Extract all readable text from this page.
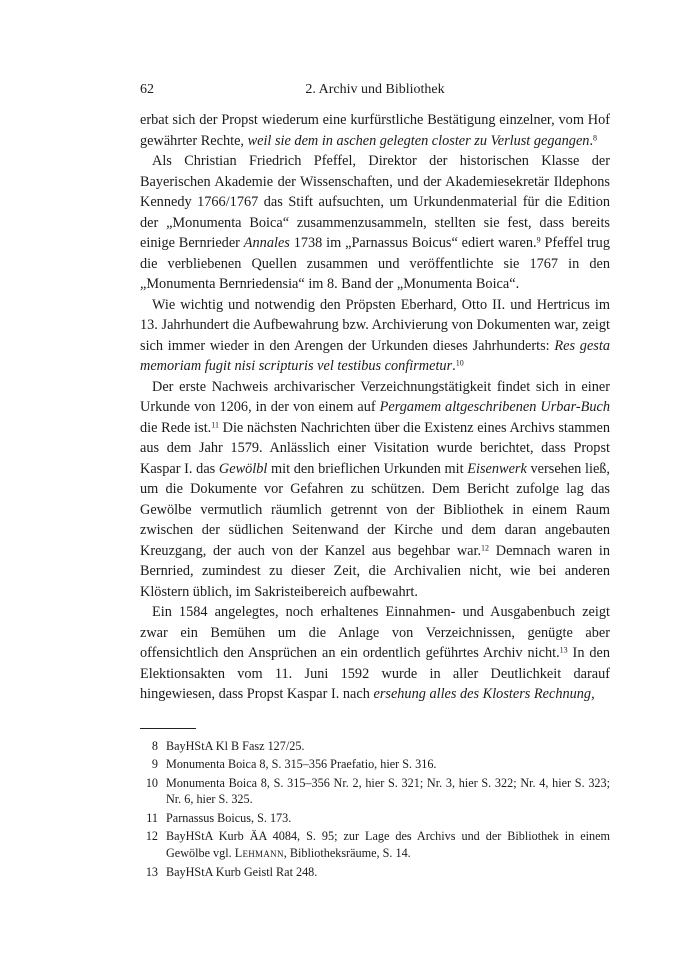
62	2. Archiv und Bibliothek

erbat sich der Propst wiederum eine kurfürstliche Bestätigung einzelner, vom Hof gewährter Rechte, weil sie dem in aschen gelegten closter zu Verlust gegangen.$^8$

Als Christian Friedrich Pfeffel, Direktor der historischen Klasse der Bayerischen Akademie der Wissenschaften, und der Akademiesekretär Ildephons Kennedy 1766/1767 das Stift aufsuchten, um Urkundenmaterial für die Edition der „Monumenta Boica“ zusammenzusammeln, stellten sie fest, dass bereits einige Bernrieder Annales 1738 im „Parnassus Boicus“ ediert waren.$^9$ Pfeffel trug die verbliebenen Quellen zusammen und veröffentlichte sie 1767 in den „Monumenta Bernriedensia“ im 8. Band der „Monumenta Boica“.

Wie wichtig und notwendig den Pröpsten Eberhard, Otto II. und Hertricus im 13. Jahrhundert die Aufbewahrung bzw. Archivierung von Dokumenten war, zeigt sich immer wieder in den Arengen der Urkunden dieses Jahrhunderts: Res gesta memoriam fugit nisi scripturis vel testibus confirmetur.$^{10}$

Der erste Nachweis archivarischer Verzeichnungstätigkeit findet sich in einer Urkunde von 1206, in der von einem auf Pergamem altgeschribenen Urbar-Buch die Rede ist.$^{11}$ Die nächsten Nachrichten über die Existenz eines Archivs stammen aus dem Jahr 1579. Anlässlich einer Visitation wurde berichtet, dass Propst Kaspar I. das Gewölbl mit den brieflichen Urkunden mit Eisenwerk versehen ließ, um die Dokumente vor Gefahren zu schützen. Dem Bericht zufolge lag das Gewölbe vermutlich räumlich getrennt von der Bibliothek in einem Raum zwischen der südlichen Seitenwand der Kirche und dem daran angebauten Kreuzgang, der auch von der Kanzel aus begehbar war.$^{12}$ Demnach waren in Bernried, zumindest zu dieser Zeit, die Archivalien nicht, wie bei anderen Klöstern üblich, im Sakristeibereich aufbewahrt.

Ein 1584 angelegtes, noch erhaltenes Einnahmen- und Ausgabenbuch zeigt zwar ein Bemühen um die Anlage von Verzeichnissen, genügte aber offensichtlich den Ansprüchen an ein ordentlich geführtes Archiv nicht.$^{13}$ In den Elektionsakten vom 11. Juni 1592 wurde in aller Deutlichkeit darauf hingewiesen, dass Propst Kaspar I. nach ersehung alles des Klosters Rechnung,

8 BayHStA Kl B Fasz 127/25.
9 Monumenta Boica 8, S. 315–356 Praefatio, hier S. 316.
10 Monumenta Boica 8, S. 315–356 Nr. 2, hier S. 321; Nr. 3, hier S. 322; Nr. 4, hier S. 323; Nr. 6, hier S. 325.
11 Parnassus Boicus, S. 173.
12 BayHStA Kurb ÄA 4084, S. 95; zur Lage des Archivs und der Bibliothek in einem Gewölbe vgl. Lehmann, Bibliotheksräume, S. 14.
13 BayHStA Kurb Geistl Rat 248.
